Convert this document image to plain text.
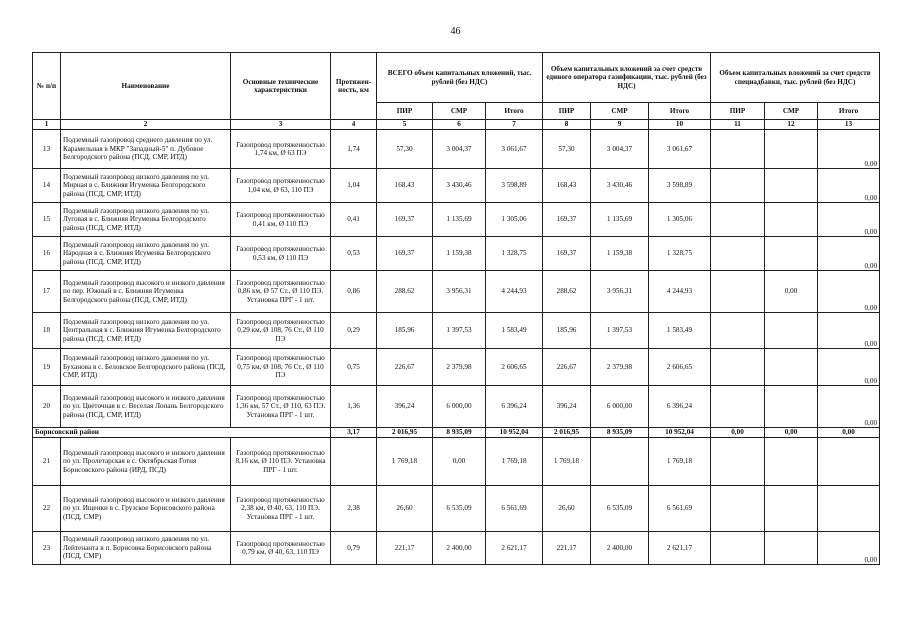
46
№ п/п	Наименование	Основные технические характеристики	Протяжен-ность, км	ВСЕГО объем капитальных вложений, тыс. рублей (без НДС)			Объем капитальных вложений за счет средств единого оператора газификации, тыс. рублей (без НДС)			Объем капитальных вложений за счет средств спецнадбавки, тыс. рублей (без НДС)		
				ПИР	СМР	Итого	ПИР	СМР	Итого	ПИР	СМР	Итого
1	2	3	4	5	6	7	8	9	10	11	12	13
13	Подземный газопровод среднего давления по ул. Карамельная в МКР "Западный-5" п. Дубовое Белгородского района (ПСД, СМР, ИТД)	Газопровод протяженностью 1,74 км, Ø 63 ПЭ	1,74	57,30	3 004,37	3 061,67	57,30	3 004,37	3 061,67			0,00
14	Подземный газопровод низкого давления по ул. Мирная в с. Ближняя Игуменка Белгородского района (ПСД, СМР, ИТД)	Газопровод протяженностью 1,04 км, Ø 63, 110 ПЭ	1,04	168,43	3 430,46	3 598,89	168,43	3 430,46	3 598,89			0,00
15	Подземный газопровод низкого давления по ул. Луговая в с. Ближняя Игуменка Белгородского района (ПСД, СМР, ИТД)	Газопровод протяженностью 0,41 км, Ø 110 ПЭ	0,41	169,37	1 135,69	1 305,06	169,37	1 135,69	1 305,06			0,00
16	Подземный газопровод низкого давления по ул. Народная в с. Ближняя Игуменка Белгородского района (ПСД, СМР, ИТД)	Газопровод протяженностью 0,53 км, Ø 110 ПЭ	0,53	169,37	1 159,38	1 328,75	169,37	1 159,38	1 328,75			0,00
17	Подземный газопровод высокого и низкого давления по пер. Южный в с. Ближняя Игуменка Белгородского района (ПСД, СМР, ИТД)	Газопровод протяженностью 0,86 км, Ø 57 Ст., Ø 110 ПЭ. Установка ПРГ - 1 шт.	0,86	288,62	3 956,31	4 244,93	288,62	3 956,31	4 244,93		0,00	0,00
18	Подземный газопровод низкого давления по ул. Центральная в с. Ближняя Игуменка Белгородского района (ПСД, СМР, ИТД)	Газопровод протяженностью 0,29 км, Ø 108, 76 Ст., Ø 110 ПЭ	0,29	185,96	1 397,53	1 583,49	185,96	1 397,53	1 583,49			0,00
19	Подземный газопровод низкого давления по ул. Буханова в с. Беловское Белгородского района (ПСД, СМР, ИТД)	Газопровод протяженностью 0,75 км, Ø 108, 76 Ст., Ø 110 ПЭ	0,75	226,67	2 379,98	2 606,65	226,67	2 379,98	2 606,65			0,00
20	Подземный газопровод высокого и низкого давления по ул. Цветочная в с. Веселая Лопань Белгородского района (ПСД, СМР, ИТД)	Газопровод протяженностью 1,36 км, 57 Ст., Ø 110, 63 ПЭ. Установка ПРГ - 1 шт.	1,36	396,24	6 000,00	6 396,24	396,24	6 000,00	6 396,24			0,00
Борисовский район			3,17	2 016,95	8 935,09	10 952,04	2 016,95	8 935,09	10 952,04	0,00	0,00	0,00
21	Подземный газопровод высокого и низкого давления по ул. Пролетарская в с. Октябрьская Готня Борисовского района (ИРД, ПСД)	Газопровод протяженностью 8,16 км, Ø 110 ПЭ. Установка ПРГ - 1 шт.		1 769,18	0,00	1 769,18	1 769,18		1 769,18			
22	Подземный газопровод высокого и низкого давления по ул. Ищенки в с. Грузское Борисовского района (ПСД, СМР)	Газопровод протяженностью 2,38 км, Ø 40, 63, 110 ПЭ. Установка ПРГ - 1 шт.	2,38	26,60	6 535,09	6 561,69	26,60	6 535,09	6 561,69			
23	Подземный газопровод низкого давления по ул. Лейтенанта в п. Борисовка Борисовского района (ПСД, СМР)	Газопровод протяженностью 0,79 км, Ø 40, 63, 110 ПЭ	0,79	221,17	2 400,00	2 621,17	221,17	2 400,00	2 621,17			0,00
